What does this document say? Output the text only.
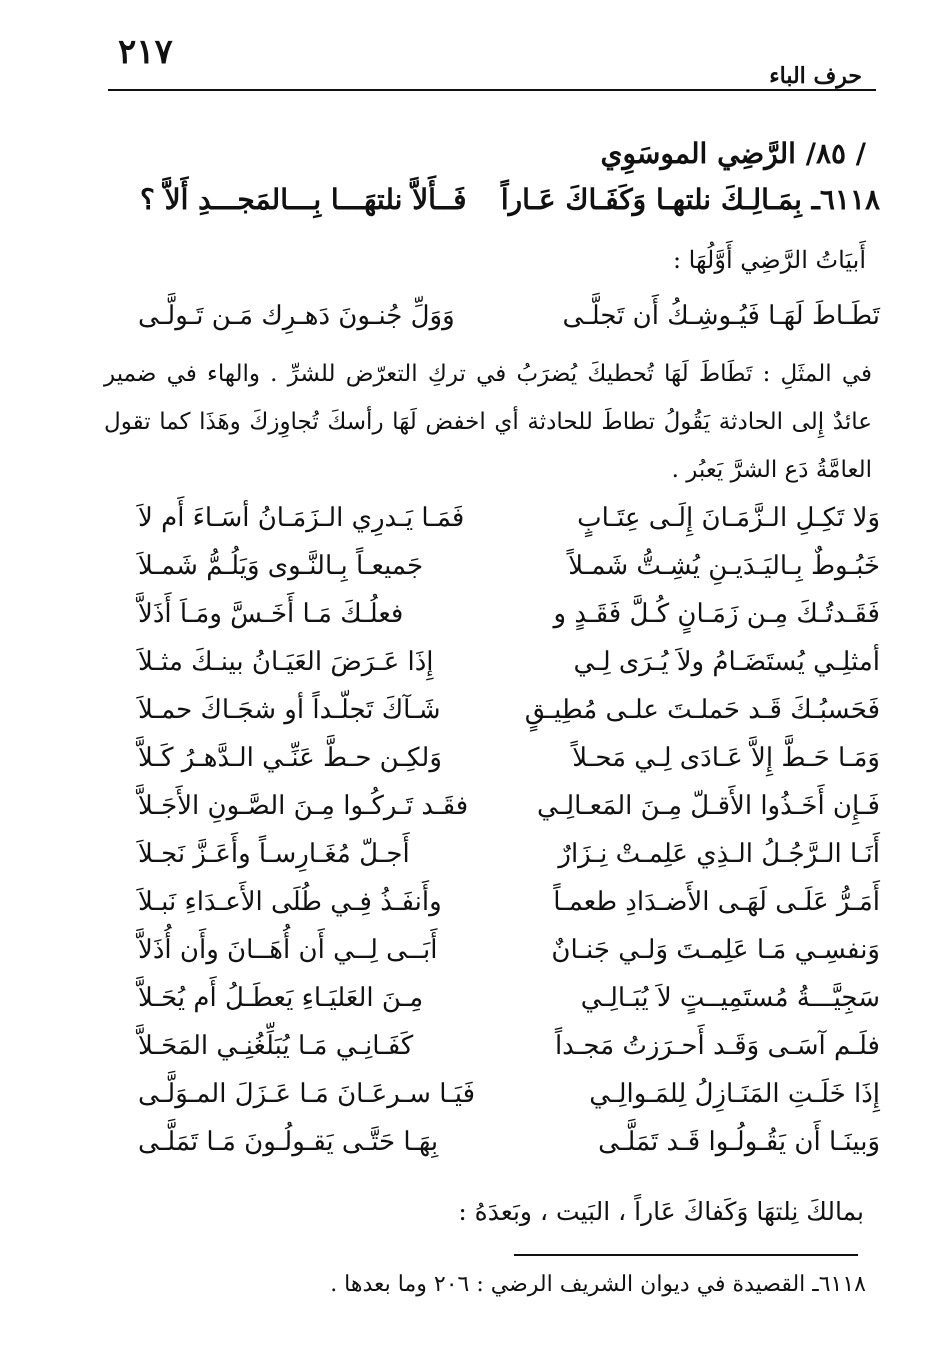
٢١٧
حرف الباء
/ ٨٥/ الرَّضِي الموسَوِي
٦١١٨ـ بِمَـالِـكَ نلتهـا وَكَفَـاكَ عَـاراً
فَــأَلاَّ نلتهَـــا بِـــالمَجـــدِ أَلاَّ ؟
أَبيَاتُ الرَّضِي أَوَّلُهَا :
تَطَـاطَ لَهَـا فَيُـوشِـكُ أَن تَجلَّـى
وَوَلِّ جُنـونَ دَهـرِك مَـن تَـولَّـى

في المثَلِ : تَطَاطَ لَهَا تُحطيكَ يُضرَبُ في تركِ التعرّض للشرِّ . والهاء في ضمير عائدٌ إِلى الحادثة يَقُولُ تطاطَ للحادثة أي اخفض لَهَا رأسكَ تُجاوِزكَ وهَذَا كما تقول العامَّةُ دَع الشرَّ يَعبُر .

وَلا تَكِـلِ الـزَّمَـانَ إِلَـى عِتَـابٍ
فَمَـا يَـدرِي الـزَمَـانُ أسَـاءَ أَم لاَ
خَبُـوطٌ بِـاليَـدَيـنِ يُشِـتُّ شَمـلاً
جَميعـاً بِـالنَّـوى وَيَلُـمُّ شَمـلاَ
فَقَـدتُـكَ مِـن زَمَـانٍ كُـلَّ فَقَـدٍ و
فعلُـكَ مَـا أَخَـسَّ ومَـاَ أَذَلاَّ
أمثلِـي يُستَضَـامُ ولاَ يُـرَى لِـي
إِذَا عَـرَضَ العَيَـانُ بينـكَ مثـلاَ
فَحَسبُـكَ قَـد حَملـتَ علـى مُطِيـقٍ
شَـآكَ تَجلّـداً أو شجَـاكَ حمـلاَ
وَمَـا حَـطَّ إِلاَّ عَـادَى لِـي مَحـلاً
وَلكِـن حـطَّ عَنِّـي الـدَّهـرُ كَـلاَّ
فَـإِن أَخَـذُوا الأَقـلّ مِـنَ المَعـالِـي
فقَـد تَـركُـوا مِـنَ الصَّـونِ الأَجَـلاَّ
أَنَـا الـرَّجُـلُ الـذِي عَلِمـتْ نِـزَارٌ
أَجـلّ مُغَـارِسـاً وأَعَـزَّ نَجـلاَ
أَمَـرُّ عَلَـى لَهَـى الأَضـدَادِ طعمـاً
وأَنفَـذُ فِـي طُلَى الأَعـدَاءِ نَبـلاَ
وَنفسِـي مَـا عَلِمـتَ وَلـي جَنـانٌ
أَبَــى لِــي أَن أُهَــانَ وأَن أُذَلاَّ
سَجِيَّـــةُ مُستَمِيــتٍ لاَ يُبَـالِـي
مِـنَ العَليَـاءِ يَعطَـلُ أَم يُحَـلاَّ
فلَـم آسَـى وَقَـد أَحـرَزتُ مَجـداً
كَفَـانِـي مَـا يُبَلِّغُنِـي المَحَـلاَّ
إِذَا خَلَـتِ المَنَـازِلُ لِلمَـوالِـي
فَيَـا سـرعَـانَ مَـا عَـزَلَ المـوَلَّـى
وَبينَـا أَن يَقُـولُـوا قَـد تَمَلَّـى
بِهَـا حَتَّـى يَقـولُـونَ مَـا تَمَلَّـى
بمالكَ نِلتهَا وَكَفاكَ عَاراً ، البَيت ، وبَعدَهُ :
٦١١٨ـ القصيدة في ديوان الشريف الرضي : ٢٠٦ وما بعدها .
